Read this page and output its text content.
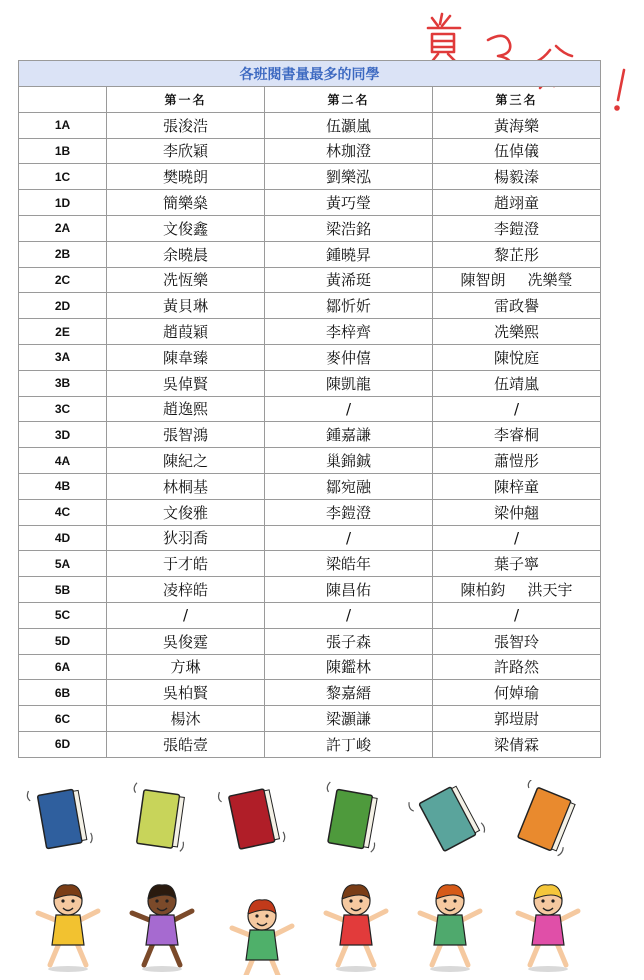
賞3分!
各班閱書量最多的同學			
	第一名	第二名	第三名
1A	張浚浩	伍灝嵐	黃海樂
1B	李欣穎	林珈澄	伍倬儀
1C	樊曉朗	劉樂泓	楊毅溱
1D	簡樂燊	黃巧瑩	趙翊童
2A	文俊鑫	梁浩銘	李鎧澄
2B	余曉晨	鍾曉昇	黎芷彤
2C	冼恆樂	黃浠珽	陳智朗 冼樂瑩
2D	黃貝琳	鄒忻妡	雷政譽
2E	趙葭穎	李梓齊	冼樂熙
3A	陳韋臻	麥仲僖	陳悅庭
3B	吳倬賢	陳凱龍	伍靖嵐
3C	趙逸熙	/	/
3D	張智鴻	鍾嘉謙	李睿桐
4A	陳紀之	巢錦鋮	蕭愷彤
4B	林桐基	鄒宛融	陳梓童
4C	文俊雅	李鎧澄	梁仲翹
4D	狄羽喬	/	/
5A	于才皓	梁皓年	葉子寧
5B	凌梓皓	陳昌佑	陳柏鈞 洪天宇
5C	/	/	/
5D	吳俊霆	張子森	張智玲
6A	方琳	陳鑑林	許路然
6B	吳柏賢	黎嘉縉	何婥瑜
6C	楊沐	梁灝謙	郭塏尉
6D	張皓壹	許丁峻	梁倩霖
